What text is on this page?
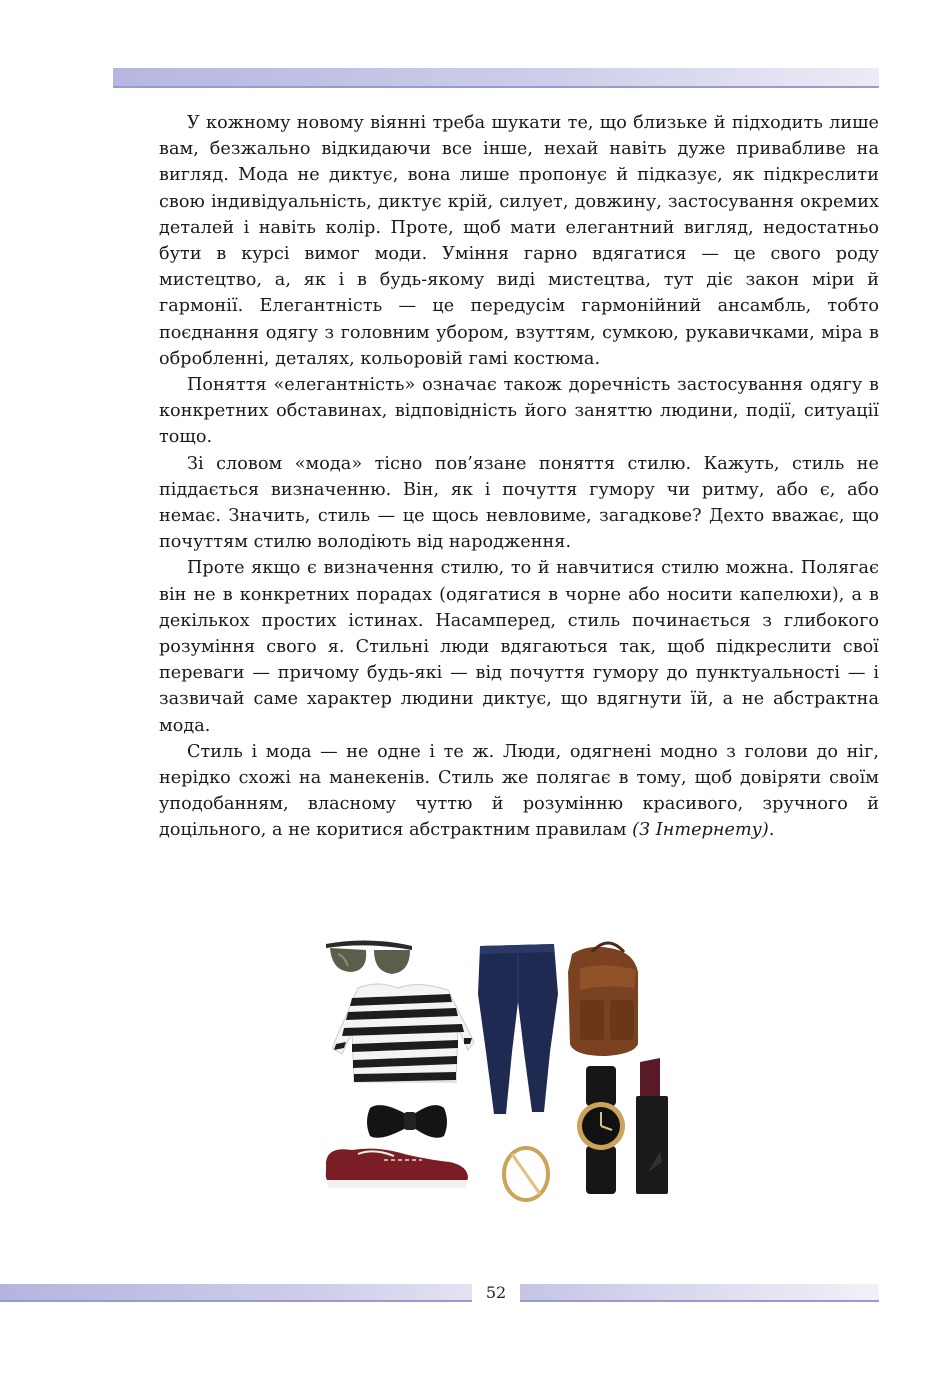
У кожному новому віянні треба шукати те, що близьке й підходить лише вам, безжально відкидаючи все інше, нехай навіть дуже привабливе на вигляд. Мода не диктує, вона лише пропонує й підказує, як підкреслити свою індивідуальність, диктує крій, силует, довжину, застосування окремих деталей і навіть колір. Проте, щоб мати елегантний вигляд, недостатньо бути в курсі вимог моди. Уміння гарно вдягатися — це свого роду мистецтво, а, як і в будь-якому виді мистецтва, тут діє закон міри й гармонії. Елегантність — це передусім гармонійний ансамбль, тобто поєднання одягу з головним убором, взуттям, сумкою, рукавичками, міра в обробленні, деталях, кольоровій гамі костюма.

Поняття «елегантність» означає також доречність застосування одягу в конкретних обставинах, відповідність його заняттю людини, події, ситуації тощо.

Зі словом «мода» тісно пов’язане поняття стилю. Кажуть, стиль не піддається визначенню. Він, як і почуття гумору чи ритму, або є, або немає. Значить, стиль — це щось невловиме, загадкове? Дехто вважає, що почуттям стилю володіють від народження.

Проте якщо є визначення стилю, то й навчитися стилю можна. Полягає він не в конкретних порадах (одягатися в чорне або носити капелюхи), а в декількох простих істинах. Насамперед, стиль починається з глибокого розуміння свого я. Стильні люди вдягаються так, щоб підкреслити свої переваги — причому будь-які — від почуття гумору до пунктуальності — і зазвичай саме характер людини диктує, що вдягнути їй, а не абстрактна мода.

Стиль і мода — не одне і те ж. Люди, одягнені модно з голови до ніг, нерідко схожі на манекенів. Стиль же полягає в тому, щоб довіряти своїм уподобанням, власному чуттю й розумінню красивого, зручного й доцільного, а не коритися абстрактним правилам (З Інтернету).

52
